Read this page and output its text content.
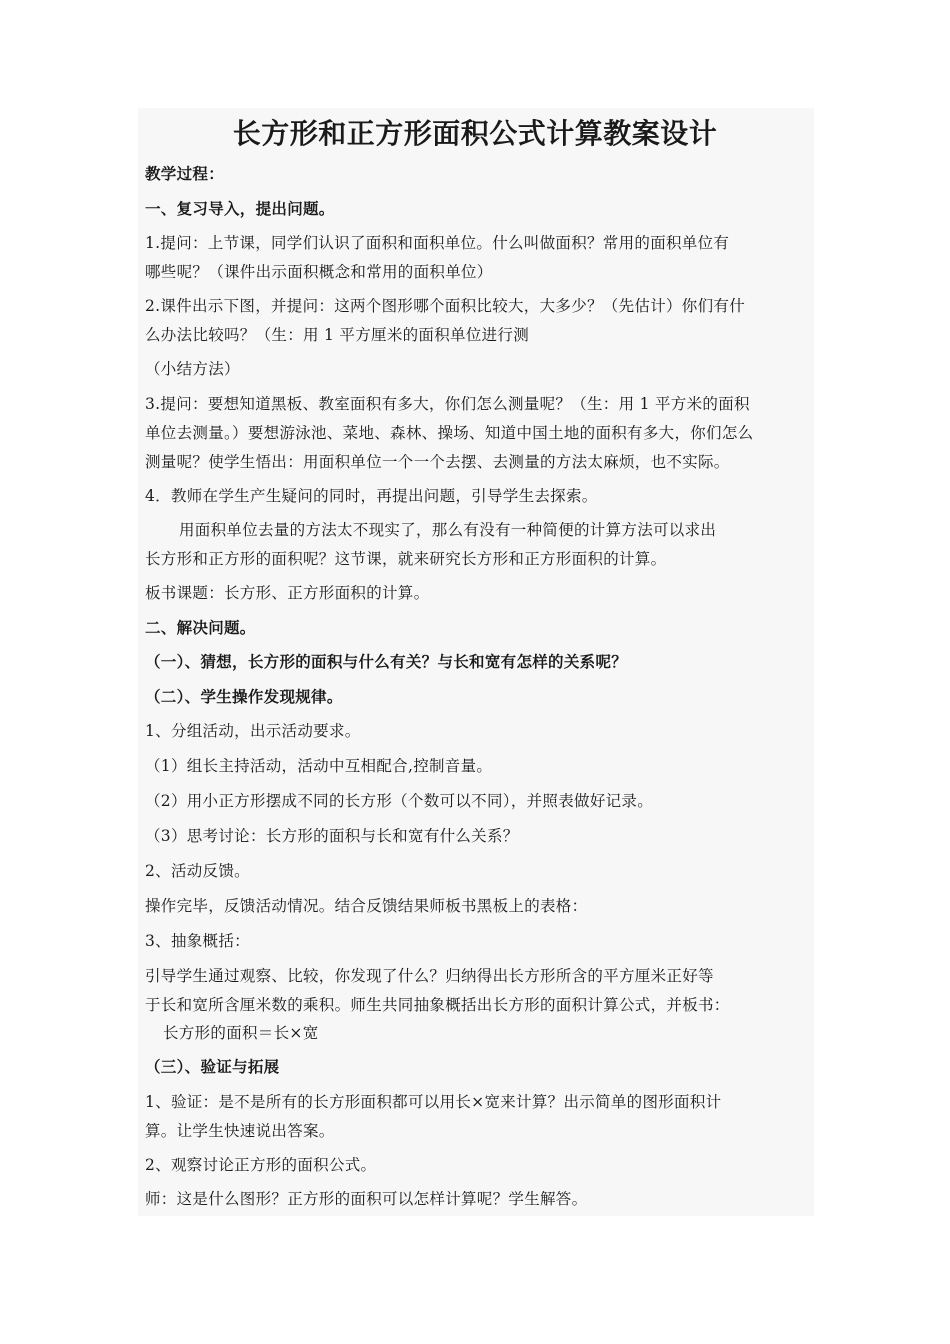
长方形和正方形面积公式计算教案设计
教学过程：
一、复习导入，提出问题。
1.提问：上节课，同学们认识了面积和面积单位。什么叫做面积？常用的面积单位有
哪些呢？（课件出示面积概念和常用的面积单位）
2.课件出示下图，并提问：这两个图形哪个面积比较大，大多少？（先估计）你们有什
么办法比较吗？（生：用 1 平方厘米的面积单位进行测
（小结方法）
3.提问：要想知道黑板、教室面积有多大，你们怎么测量呢？（生：用 1 平方米的面积
单位去测量。）要想游泳池、菜地、森林、操场、知道中国土地的面积有多大，你们怎么
测量呢？使学生悟出：用面积单位一个一个去摆、去测量的方法太麻烦，也不实际。
4．教师在学生产生疑问的同时，再提出问题，引导学生去探索。
用面积单位去量的方法太不现实了，那么有没有一种简便的计算方法可以求出
长方形和正方形的面积呢？这节课，就来研究长方形和正方形面积的计算。
板书课题：长方形、正方形面积的计算。
二、解决问题。
（一）、猜想，长方形的面积与什么有关？与长和宽有怎样的关系呢？
（二）、学生操作发现规律。
1、分组活动，出示活动要求。
（1）组长主持活动，活动中互相配合,控制音量。
（2）用小正方形摆成不同的长方形（个数可以不同），并照表做好记录。
（3）思考讨论：长方形的面积与长和宽有什么关系？
2、活动反馈。
操作完毕，反馈活动情况。结合反馈结果师板书黑板上的表格：
3、抽象概括：
引导学生通过观察、比较，你发现了什么？归纳得出长方形所含的平方厘米正好等
于长和宽所含厘米数的乘积。师生共同抽象概括出长方形的面积计算公式，并板书：
长方形的面积＝长×宽
（三）、验证与拓展
1、验证：是不是所有的长方形面积都可以用长×宽来计算？出示简单的图形面积计
算。让学生快速说出答案。
2、观察讨论正方形的面积公式。
师：这是什么图形？正方形的面积可以怎样计算呢？学生解答。
